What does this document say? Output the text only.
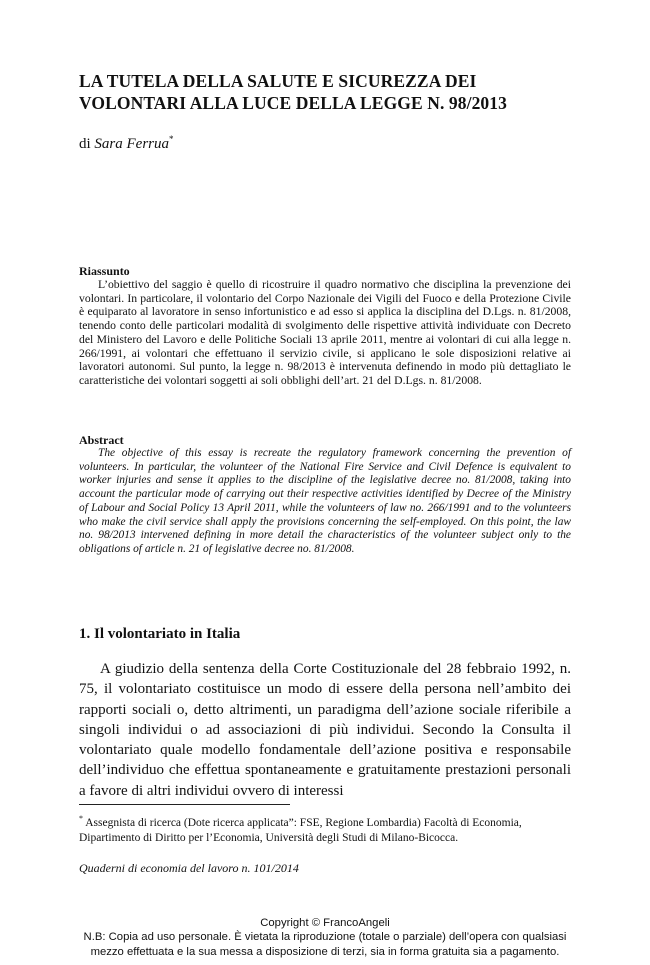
LA TUTELA DELLA SALUTE E SICUREZZA DEI
VOLONTARI ALLA LUCE DELLA LEGGE N. 98/2013
di Sara Ferrua*
Riassunto

L’obiettivo del saggio è quello di ricostruire il quadro normativo che disciplina la prevenzione dei volontari. In particolare, il volontario del Corpo Nazionale dei Vigili del Fuoco e della Protezione Civile è equiparato al lavoratore in senso infortunistico e ad esso si applica la disciplina del D.Lgs. n. 81/2008, tenendo conto delle particolari modalità di svolgimento delle rispettive attività individuate con Decreto del Ministero del Lavoro e delle Politiche Sociali 13 aprile 2011, mentre ai volontari di cui alla legge n. 266/1991, ai volontari che effettuano il servizio civile, si applicano le sole disposizioni relative ai lavoratori autonomi. Sul punto, la legge n. 98/2013 è intervenuta definendo in modo più dettagliato le caratteristiche dei volontari soggetti ai soli obblighi dell’art. 21 del D.Lgs. n. 81/2008.

Abstract

The objective of this essay is recreate the regulatory framework concerning the prevention of volunteers. In particular, the volunteer of the National Fire Service and Civil Defence is equivalent to worker injuries and sense it applies to the discipline of the legislative decree no. 81/2008, taking into account the particular mode of carrying out their respective activities identified by Decree of the Ministry of Labour and Social Policy 13 April 2011, while the volunteers of law no. 266/1991 and to the volunteers who make the civil service shall apply the provisions concerning the self-employed. On this point, the law no. 98/2013 intervened defining in more detail the characteristics of the volunteer subject only to the obligations of article n. 21 of legislative decree no. 81/2008.

1. Il volontariato in Italia

A giudizio della sentenza della Corte Costituzionale del 28 febbraio 1992, n. 75, il volontariato costituisce un modo di essere della persona nell’ambito dei rapporti sociali o, detto altrimenti, un paradigma dell’azione sociale riferibile a singoli individui o ad associazioni di più individui. Secondo la Consulta il volontariato quale modello fondamentale dell’azione positiva e responsabile dell’individuo che effettua spontaneamente e gratuitamente prestazioni personali a favore di altri individui ovvero di interessi

* Assegnista di ricerca (Dote ricerca applicata”: FSE, Regione Lombardia) Facoltà di Economia, Dipartimento di Diritto per l’Economia, Università degli Studi di Milano-Bicocca.

Quaderni di economia del lavoro n. 101/2014
Copyright © FrancoAngeli
N.B: Copia ad uso personale. È vietata la riproduzione (totale o parziale) dell’opera con qualsiasi
mezzo effettuata e la sua messa a disposizione di terzi, sia in forma gratuita sia a pagamento.
